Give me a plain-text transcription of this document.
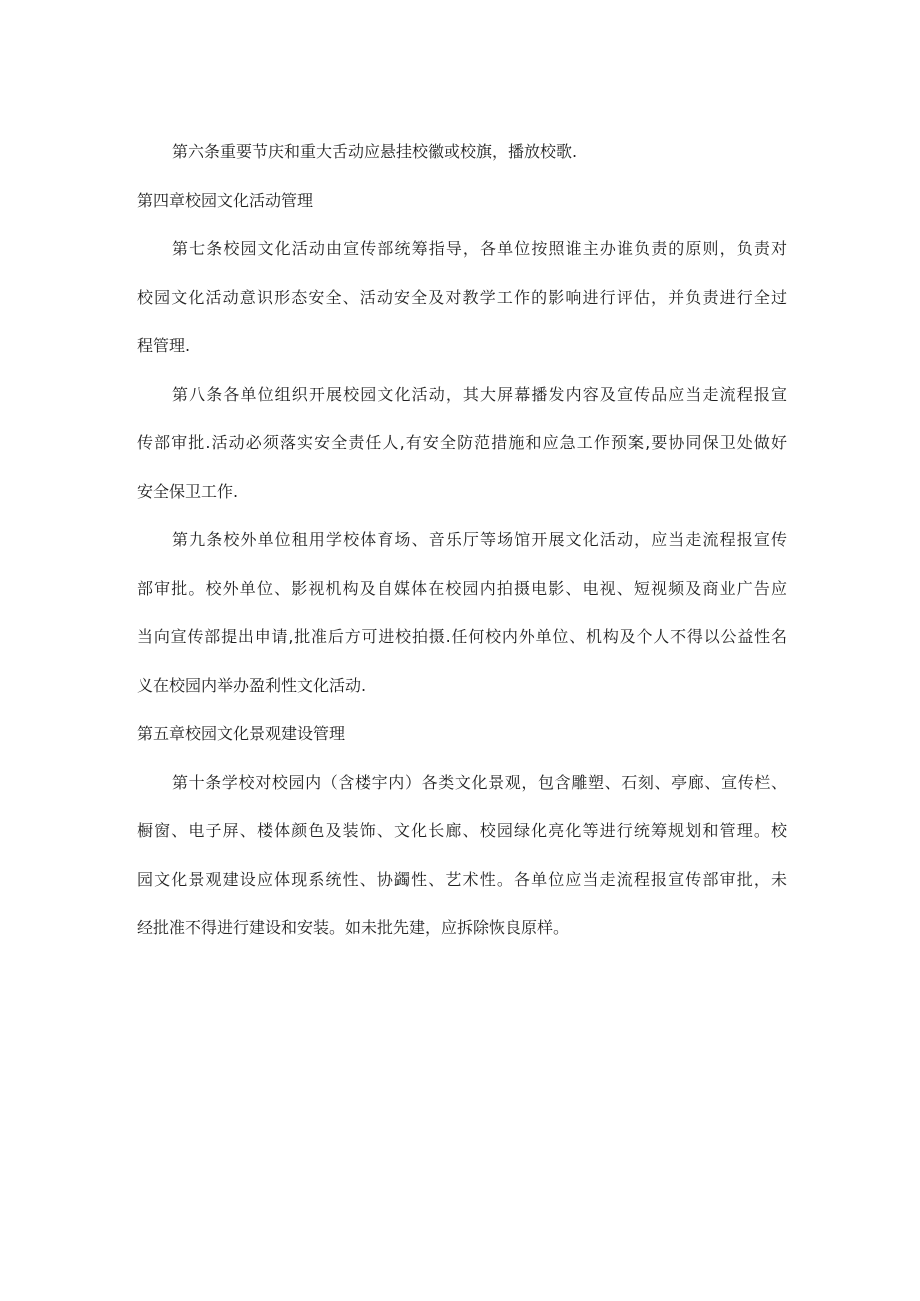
第六条重要节庆和重大舌动应悬挂校徽或校旗，播放校歌.
第四章校园文化活动管理
第七条校园文化活动由宣传部统筹指导，各单位按照谁主办谁负责的原则，负责对
校园文化活动意识形态安全、活动安全及对教学工作的影响进行评估，并负责进行全过
程管理.
第八条各单位组织开展校园文化活动，其大屏幕播发内容及宣传品应当走流程报宣
传部审批.活动必须落实安全责任人,有安全防范措施和应急工作预案,要协同保卫处做好
安全保卫工作.
第九条校外单位租用学校体育场、音乐厅等场馆开展文化活动，应当走流程报宣传
部审批。校外单位、影视机构及自媒体在校园内拍摄电影、电视、短视频及商业广告应
当向宣传部提出申请,批准后方可进校拍摄.任何校内外单位、机构及个人不得以公益性名
义在校园内举办盈利性文化活动.
第五章校园文化景观建设管理
第十条学校对校园内（含楼宇内）各类文化景观，包含雕塑、石刻、亭廊、宣传栏、
橱窗、电子屏、楼体颜色及装饰、文化长廊、校园绿化亮化等进行统筹规划和管理。校
园文化景观建设应体现系统性、协蠲性、艺术性。各单位应当走流程报宣传部审批，未
经批准不得进行建设和安装。如未批先建，应拆除恢良原样。
